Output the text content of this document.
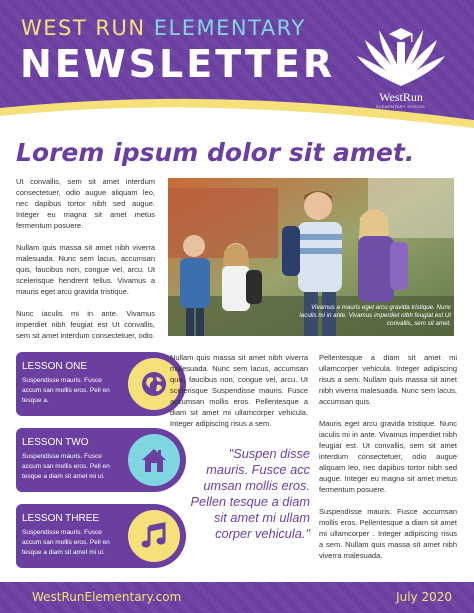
WEST RUN ELEMENTARY
NEWSLETTER
WestRun
ELEMENTARY SCHOOL
Lorem ipsum dolor sit amet.

Ut convallis, sem sit amet interdum consectetuer, odio augue aliquam leo, nec dapibus tortor nibh sed augue. Integer eu magna sit amet metus fermentum posuere.

Nullam quis massa sit amet nibh viverra malesuada. Nunc sem lacus, accumsan quis, faucibus non, congue vel, arcu. Ut scelerisque hendrerit tellus. Vivamus a mauris eget arcu gravida tristique.

Nunc iaculis mi in ante. Vivamus imperdiet nibh feugiat est Ut convallis, sem sit amet interdum consectetuer, odio.

Vivamus a mauris eget arcu gravida tristique. Nunc iaculis mi in ante. Vivamus imperdiet nibh feugiat est Ut convallis, sem sit amet.
LESSON ONE
Suspendisse mauris. Fusce accum san mollis eros. Pell en tesque a.
LESSON TWO
Suspendisse mauris. Fusce accum san mollis eros. Pell en tesque a diam sit amet mi ul.
LESSON THREE
Suspendisse mauris. Fusce accum san mollis eros. Pell en tesque a diam sit amet mi ul.
Nullam quis massa sit amet nibh viverra malesuada. Nunc sem lacus, accumsan quis, faucibus non, congue vel, arcu. Ut scelerisque Suspendisse mauris. Fusce accumsan mollis eros. Pellentesque a diam sit amet mi ullamcorper vehicula. Integer adipiscing risus a sem.
"Suspen disse mauris. Fusce acc umsan mollis eros. Pellen tesque a diam sit amet mi ullam corper vehicula."

Pellentesque a diam sit amet mi ullamcorper vehicula. Integer adipiscing risus a sem. Nullam quis massa sit amet nibh viverra malesuada. Nunc sem lacus, accumsan quis.

Mauris eget arcu gravida tristique. Nunc iaculis mi in ante. Vivamus imperdiet nibh feugiat est. Ut convallis, sem sit amet interdum consectetuer, odio augue aliquam leo, nec dapibus tortor nibh sed augue. Integer eu magna sit amet metus fermentum posuere.

Suspendisse mauris. Fusce accumsan mollis eros. Pellentesque a diam sit amet mi ullamcorper . Integer adipiscing risus a sem. Nullam quis massa sit amet nibh viverra malesuada.

WestRunElementary.com	July 2020
